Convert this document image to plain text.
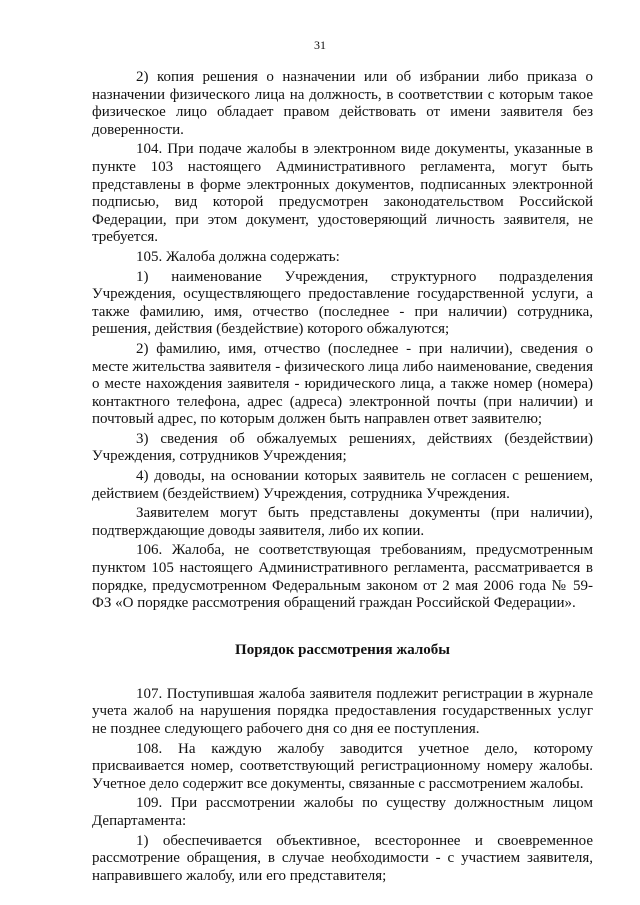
31

2) копия решения о назначении или об избрании либо приказа о назначении физического лица на должность, в соответствии с которым такое физическое лицо обладает правом действовать от имени заявителя без доверенности.

104. При подаче жалобы в электронном виде документы, указанные в пункте 103 настоящего Административного регламента, могут быть представлены в форме электронных документов, подписанных электронной подписью, вид которой предусмотрен законодательством Российской Федерации, при этом документ, удостоверяющий личность заявителя, не требуется.

105. Жалоба должна содержать:

1) наименование Учреждения, структурного подразделения Учреждения, осуществляющего предоставление государственной услуги, а также фамилию, имя, отчество (последнее - при наличии) сотрудника, решения, действия (бездействие) которого обжалуются;

2) фамилию, имя, отчество (последнее - при наличии), сведения о месте жительства заявителя - физического лица либо наименование, сведения о месте нахождения заявителя - юридического лица, а также номер (номера) контактного телефона, адрес (адреса) электронной почты (при наличии) и почтовый адрес, по которым должен быть направлен ответ заявителю;

3) сведения об обжалуемых решениях, действиях (бездействии) Учреждения, сотрудников Учреждения;

4) доводы, на основании которых заявитель не согласен с решением, действием (бездействием) Учреждения, сотрудника Учреждения.

Заявителем могут быть представлены документы (при наличии), подтверждающие доводы заявителя, либо их копии.

106. Жалоба, не соответствующая требованиям, предусмотренным пунктом 105 настоящего Административного регламента, рассматривается в порядке, предусмотренном Федеральным законом от 2 мая 2006 года № 59-ФЗ «О порядке рассмотрения обращений граждан Российской Федерации».

Порядок рассмотрения жалобы

107. Поступившая жалоба заявителя подлежит регистрации в журнале учета жалоб на нарушения порядка предоставления государственных услуг не позднее следующего рабочего дня со дня ее поступления.

108. На каждую жалобу заводится учетное дело, которому присваивается номер, соответствующий регистрационному номеру жалобы. Учетное дело содержит все документы, связанные с рассмотрением жалобы.

109. При рассмотрении жалобы по существу должностным лицом Департамента:

1) обеспечивается объективное, всестороннее и своевременное рассмотрение обращения, в случае необходимости - с участием заявителя, направившего жалобу, или его представителя;
